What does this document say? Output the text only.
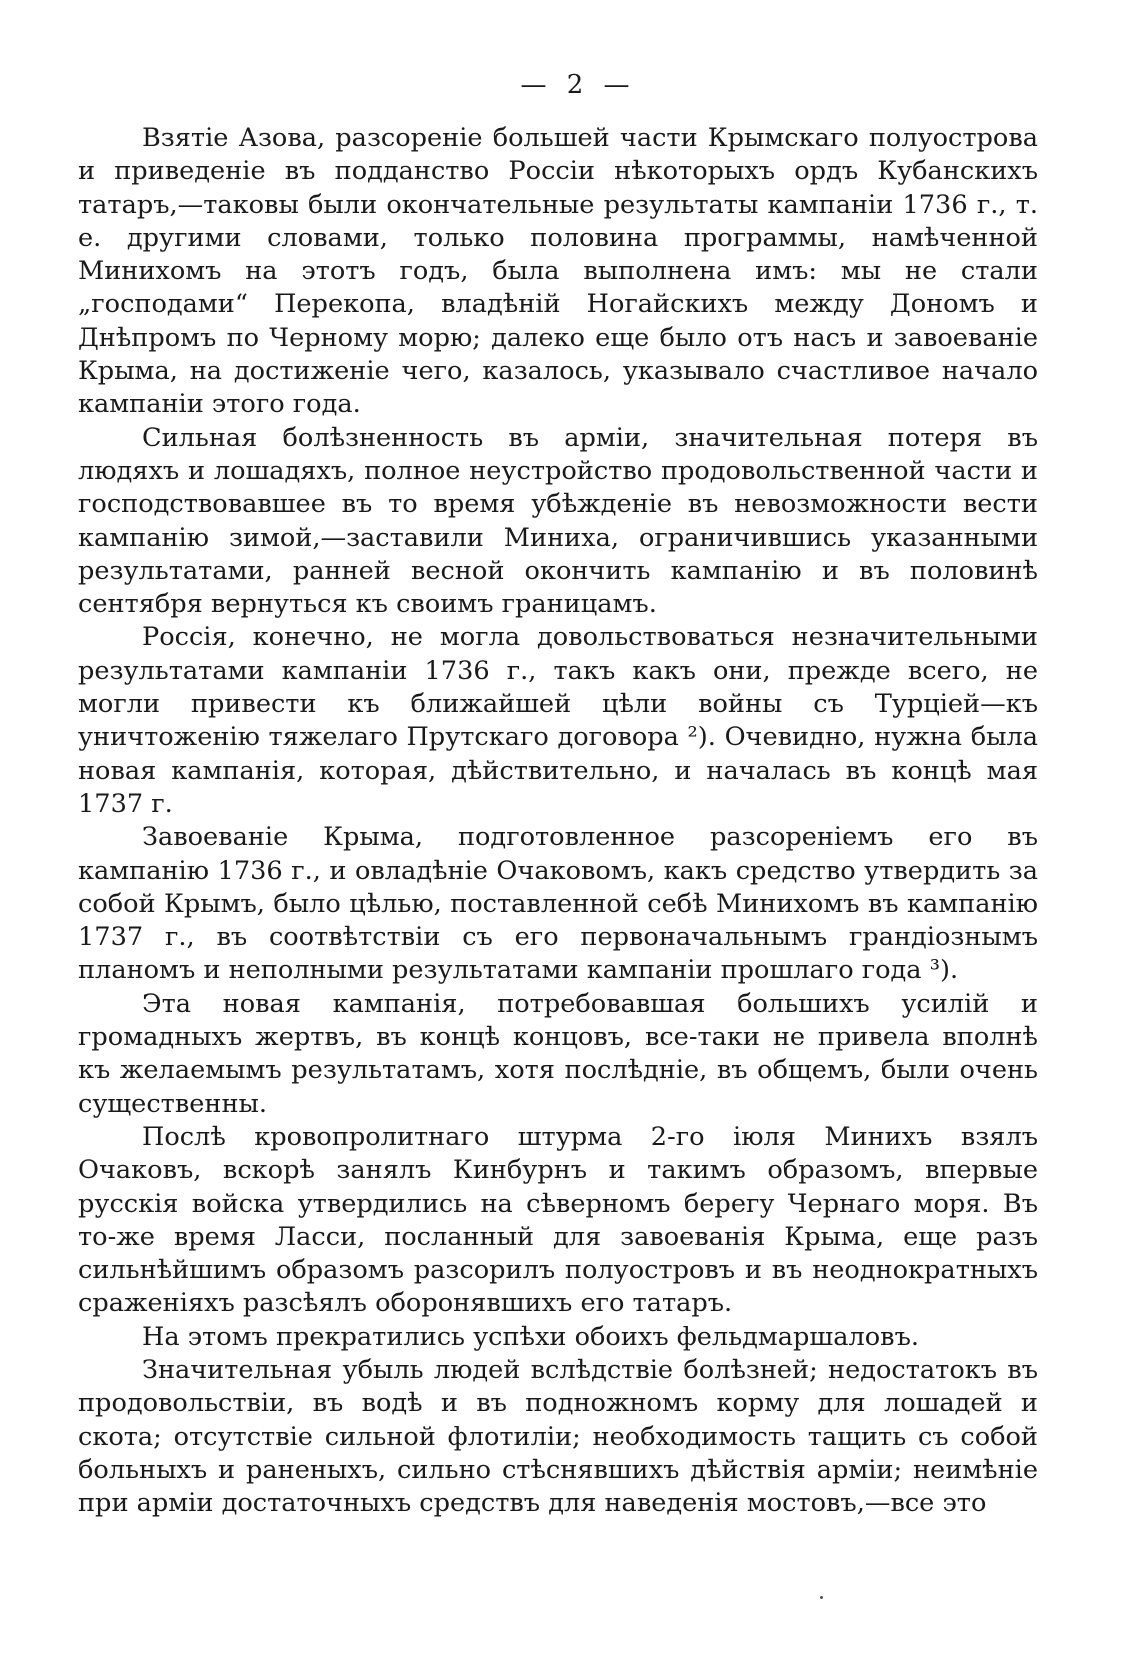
— 2 —

Взятіе Азова, разсореніе большей части Крымскаго полуострова и приведеніе въ подданство Россіи нѣкоторыхъ ордъ Кубанскихъ татаръ,—таковы были окончательные результаты кампаніи 1736 г., т. е. другими словами, только половина программы, намѣченной Минихомъ на этотъ годъ, была выполнена имъ: мы не стали „господами“ Перекопа, владѣній Ногайскихъ между Дономъ и Днѣпромъ по Черному морю; далеко еще было отъ насъ и завоеваніе Крыма, на достиженіе чего, казалось, указывало счастливое начало кампаніи этого года.

Сильная болѣзненность въ арміи, значительная потеря въ людяхъ и лошадяхъ, полное неустройство продовольственной части и господствовавшее въ то время убѣжденіе въ невозможности вести кампанію зимой,—заставили Миниха, ограничившись указанными результатами, ранней весной окончить кампанію и въ половинѣ сентября вернуться къ своимъ границамъ.

Россія, конечно, не могла довольствоваться незначительными результатами кампаніи 1736 г., такъ какъ они, прежде всего, не могли привести къ ближайшей цѣли войны съ Турціей—къ уничтоженію тяжелаго Прутскаго договора ²). Очевидно, нужна была новая кампанія, которая, дѣйствительно, и началась въ концѣ мая 1737 г.

Завоеваніе Крыма, подготовленное разсореніемъ его въ кампанію 1736 г., и овладѣніе Очаковомъ, какъ средство утвердить за собой Крымъ, было цѣлью, поставленной себѣ Минихомъ въ кампанію 1737 г., въ соотвѣтствіи съ его первоначальнымъ грандіознымъ планомъ и неполными результатами кампаніи прошлаго года ³).

Эта новая кампанія, потребовавшая большихъ усилій и громадныхъ жертвъ, въ концѣ концовъ, все-таки не привела вполнѣ къ желаемымъ результатамъ, хотя послѣдніе, въ общемъ, были очень существенны.

Послѣ кровопролитнаго штурма 2-го іюля Минихъ взялъ Очаковъ, вскорѣ занялъ Кинбурнъ и такимъ образомъ, впервые русскія войска утвердились на сѣверномъ берегу Чернаго моря. Въ то-же время Ласси, посланный для завоеванія Крыма, еще разъ сильнѣйшимъ образомъ разсорилъ полуостровъ и въ неоднократныхъ сраженіяхъ разсѣялъ оборонявшихъ его татаръ.

На этомъ прекратились успѣхи обоихъ фельдмаршаловъ.

Значительная убыль людей вслѣдствіе болѣзней; недостатокъ въ продовольствіи, въ водѣ и въ подножномъ корму для лошадей и скота; отсутствіе сильной флотиліи; необходимость тащить съ собой больныхъ и раненыхъ, сильно стѣснявшихъ дѣйствія арміи; неимѣніе при арміи достаточныхъ средствъ для наведенія мостовъ,—все это
